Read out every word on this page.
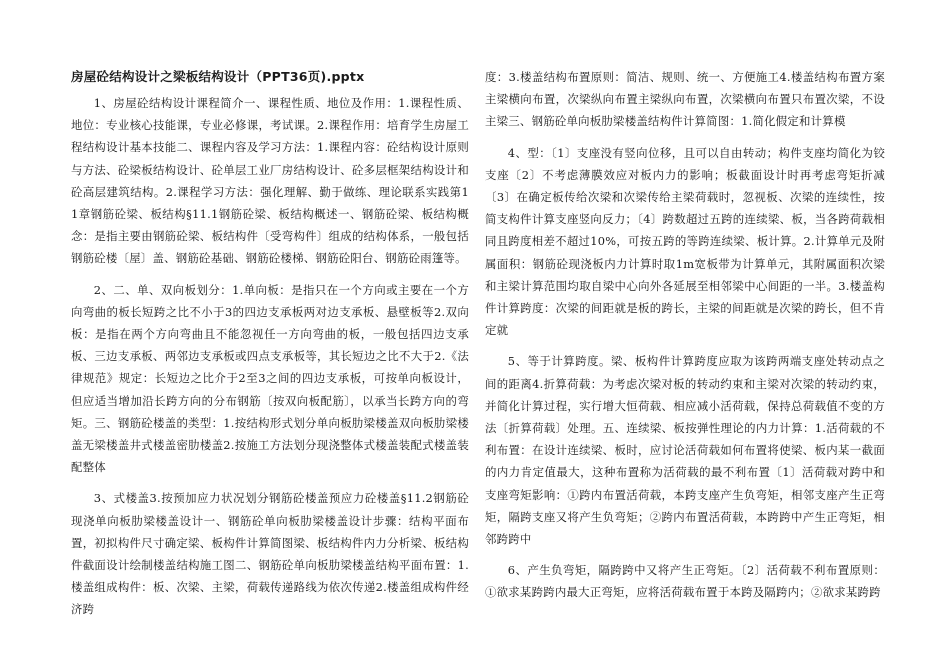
房屋砼结构设计之梁板结构设计（PPT36页).pptx

1、房屋砼结构设计课程简介一、课程性质、地位及作用：1.课程性质、地位：专业核心技能课，专业必修课，考试课。2.课程作用：培育学生房屋工程结构设计基本技能二、课程内容及学习方法：1.课程内容：砼结构设计原则与方法、砼梁板结构设计、砼单层工业厂房结构设计、砼多层框架结构设计和砼高层建筑结构。2.课程学习方法：强化理解、勤于做练、理论联系实践第11章钢筋砼梁、板结构§11.1钢筋砼梁、板结构概述一、钢筋砼梁、板结构概念：是指主要由钢筋砼梁、板结构件〔受弯构件〕组成的结构体系，一般包括钢筋砼楼〔屋〕盖、钢筋砼基础、钢筋砼楼梯、钢筋砼阳台、钢筋砼雨篷等。

2、二、单、双向板划分：1.单向板：是指只在一个方向或主要在一个方向弯曲的板长短跨之比不小于3的四边支承板两对边支承板、悬壁板等2.双向板：是指在两个方向弯曲且不能忽视任一方向弯曲的板，一般包括四边支承板、三边支承板、两邻边支承板或四点支承板等，其长短边之比不大于2.《法律规范》规定：长短边之比介于2至3之间的四边支承板，可按单向板设计，但应适当增加沿长跨方向的分布钢筋〔按双向板配筋〕，以承当长跨方向的弯矩。三、钢筋砼楼盖的类型：1.按结构形式划分单向板肋梁楼盖双向板肋梁楼盖无梁楼盖井式楼盖密肋楼盖2.按施工方法划分现浇整体式楼盖装配式楼盖装配整体

3、式楼盖3.按预加应力状况划分钢筋砼楼盖预应力砼楼盖§11.2钢筋砼现浇单向板肋梁楼盖设计一、钢筋砼单向板肋梁楼盖设计步骤：结构平面布置，初拟构件尺寸确定梁、板构件计算简图梁、板结构件内力分析梁、板结构件截面设计绘制楼盖结构施工图二、钢筋砼单向板肋梁楼盖结构平面布置：1.楼盖组成构件：板、次梁、主梁，荷载传递路线为依次传递2.楼盖组成构件经济跨

度：3.楼盖结构布置原则：简洁、规则、统一、方便施工4.楼盖结构布置方案主梁横向布置，次梁纵向布置主梁纵向布置，次梁横向布置只布置次梁，不设主梁三、钢筋砼单向板肋梁楼盖结构件计算简图：1.简化假定和计算模

4、型：〔1〕支座没有竖向位移，且可以自由转动；构件支座均简化为铰支座〔2〕不考虑薄膜效应对板内力的影响；板截面设计时再考虑弯矩折减〔3〕在确定板传给次梁和次梁传给主梁荷载时，忽视板、次梁的连续性，按简支构件计算支座竖向反力；〔4〕跨数超过五跨的连续梁、板，当各跨荷载相同且跨度相差不超过10%，可按五跨的等跨连续梁、板计算。2.计算单元及附属面积：钢筋砼现浇板内力计算时取1m宽板带为计算单元，其附属面积次梁和主梁计算范围均取自梁中心向外各延展至相邻梁中心间距的一半。3.楼盖构件计算跨度：次梁的间距就是板的跨长，主梁的间距就是次梁的跨长，但不肯定就

5、等于计算跨度。梁、板构件计算跨度应取为该跨两端支座处转动点之间的距离4.折算荷载：为考虑次梁对板的转动约束和主梁对次梁的转动约束，并简化计算过程，实行增大恒荷载、相应减小活荷载，保持总荷载值不变的方法〔折算荷载〕处理。五、连续梁、板按弹性理论的内力计算：1.活荷载的不利布置：在设计连续梁、板时，应讨论活荷载如何布置将使梁、板内某一截面的内力肯定值最大，这种布置称为活荷载的最不利布置〔1〕活荷载对跨中和支座弯矩影响：①跨内布置活荷载，本跨支座产生负弯矩，相邻支座产生正弯矩，隔跨支座又将产生负弯矩；②跨内布置活荷载，本跨跨中产生正弯矩，相邻跨跨中

6、产生负弯矩，隔跨跨中又将产生正弯矩。〔2〕活荷载不利布置原则：①欲求某跨跨内最大正弯矩，应将活荷载布置于本跨及隔跨内；②欲求某跨跨
